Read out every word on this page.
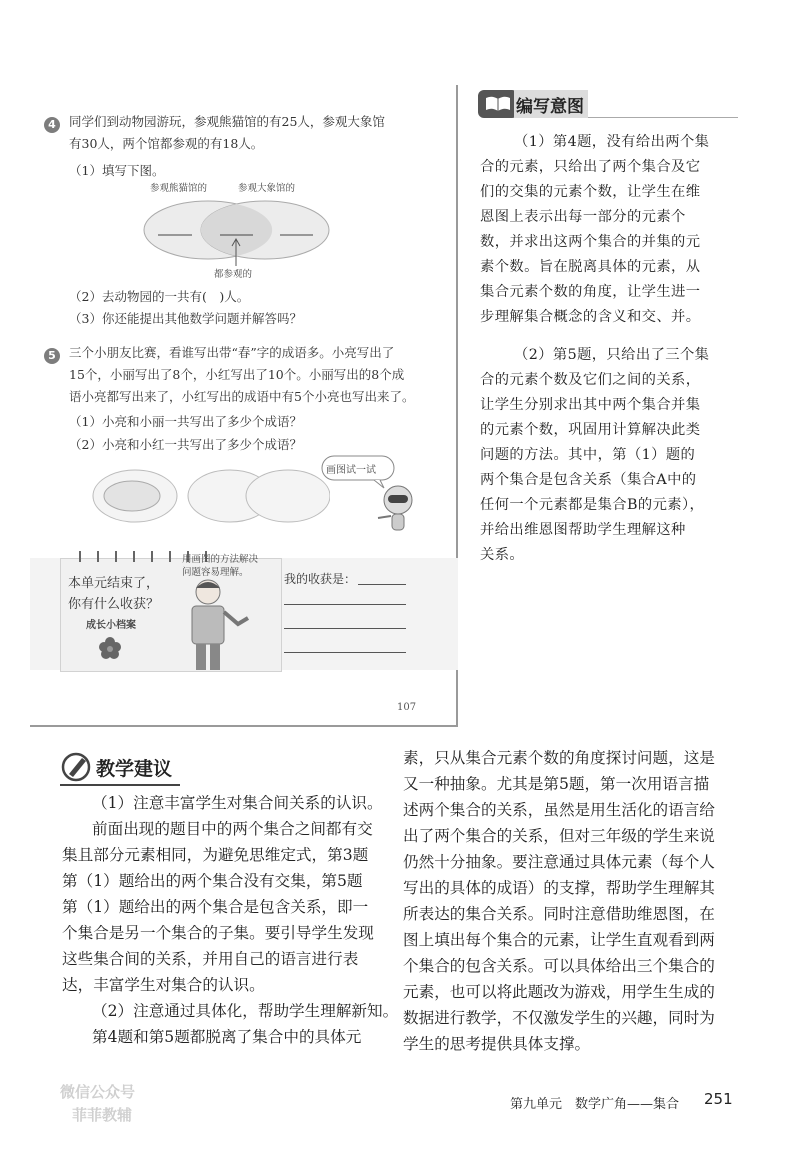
4	同学们到动物园游玩，参观熊猫馆的有25人，参观大象馆
有30人，两个馆都参观的有18人。
（1）填写下图。
参观熊猫馆的	参观大象馆的
都参观的
（2）去动物园的一共有(　)人。
（3）你还能提出其他数学问题并解答吗？
5	三个小朋友比赛，看谁写出带“春”字的成语多。小亮写出了
15个，小丽写出了8个，小红写出了10个。小丽写出的8个成
语小亮都写出来了，小红写出的成语中有5个小亮也写出来了。
（1）小亮和小丽一共写出了多少个成语？
（2）小亮和小红一共写出了多少个成语？
画图试一试
本单元结束了，
你有什么收获？
成长小档案
用画图的方法解决
问题容易理解。	我的收获是：
107
编写意图
（1）第4题，没有给出两个集
合的元素，只给出了两个集合及它
们的交集的元素个数，让学生在维
恩图上表示出每一部分的元素个
数，并求出这两个集合的并集的元
素个数。旨在脱离具体的元素，从
集合元素个数的角度，让学生进一
步理解集合概念的含义和交、并。
（2）第5题，只给出了三个集
合的元素个数及它们之间的关系，
让学生分别求出其中两个集合并集
的元素个数，巩固用计算解决此类
问题的方法。其中，第（1）题的
两个集合是包含关系（集合A中的
任何一个元素都是集合B的元素），
并给出维恩图帮助学生理解这种
关系。
教学建议
（1）注意丰富学生对集合间关系的认识。
前面出现的题目中的两个集合之间都有交
集且部分元素相同，为避免思维定式，第3题
第（1）题给出的两个集合没有交集，第5题
第（1）题给出的两个集合是包含关系，即一
个集合是另一个集合的子集。要引导学生发现
这些集合间的关系，并用自己的语言进行表
达，丰富学生对集合的认识。
（2）注意通过具体化，帮助学生理解新知。
第4题和第5题都脱离了集合中的具体元
素，只从集合元素个数的角度探讨问题，这是
又一种抽象。尤其是第5题，第一次用语言描
述两个集合的关系，虽然是用生活化的语言给
出了两个集合的关系，但对三年级的学生来说
仍然十分抽象。要注意通过具体元素（每个人
写出的具体的成语）的支撑，帮助学生理解其
所表达的集合关系。同时注意借助维恩图，在
图上填出每个集合的元素，让学生直观看到两
个集合的包含关系。可以具体给出三个集合的
元素，也可以将此题改为游戏，用学生生成的
数据进行教学，不仅激发学生的兴趣，同时为
学生的思考提供具体支撑。
微信公众号
菲菲教辅
第九单元　数学广角——集合 251
